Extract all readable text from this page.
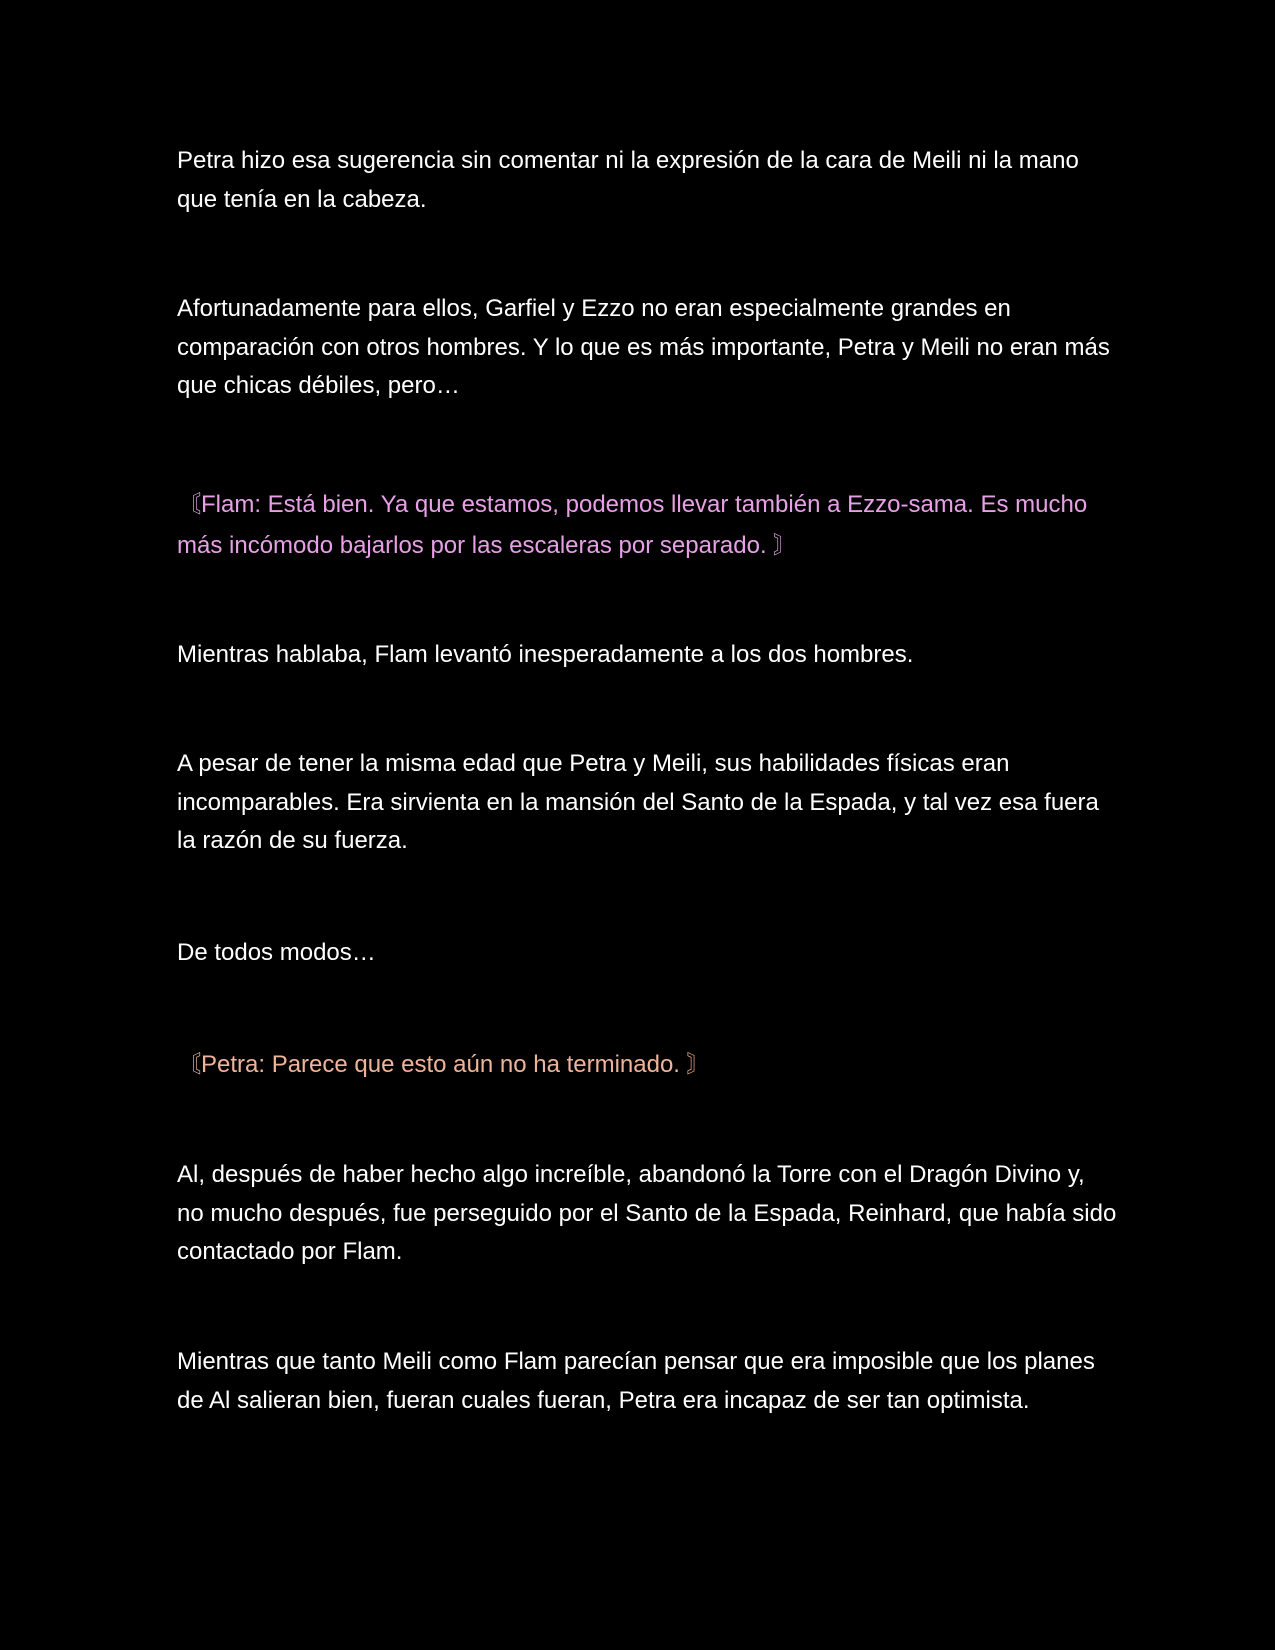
Petra hizo esa sugerencia sin comentar ni la expresión de la cara de Meili ni la mano que tenía en la cabeza.

Afortunadamente para ellos, Garfiel y Ezzo no eran especialmente grandes en comparación con otros hombres. Y lo que es más importante, Petra y Meili no eran más que chicas débiles, pero…

〘Flam: Está bien. Ya que estamos, podemos llevar también a Ezzo-sama. Es mucho más incómodo bajarlos por las escaleras por separado. 〙

Mientras hablaba, Flam levantó inesperadamente a los dos hombres.

A pesar de tener la misma edad que Petra y Meili, sus habilidades físicas eran incomparables. Era sirvienta en la mansión del Santo de la Espada, y tal vez esa fuera la razón de su fuerza.

De todos modos…

〘Petra: Parece que esto aún no ha terminado. 〙

Al, después de haber hecho algo increíble, abandonó la Torre con el Dragón Divino y, no mucho después, fue perseguido por el Santo de la Espada, Reinhard, que había sido contactado por Flam.

Mientras que tanto Meili como Flam parecían pensar que era imposible que los planes de Al salieran bien, fueran cuales fueran, Petra era incapaz de ser tan optimista.
